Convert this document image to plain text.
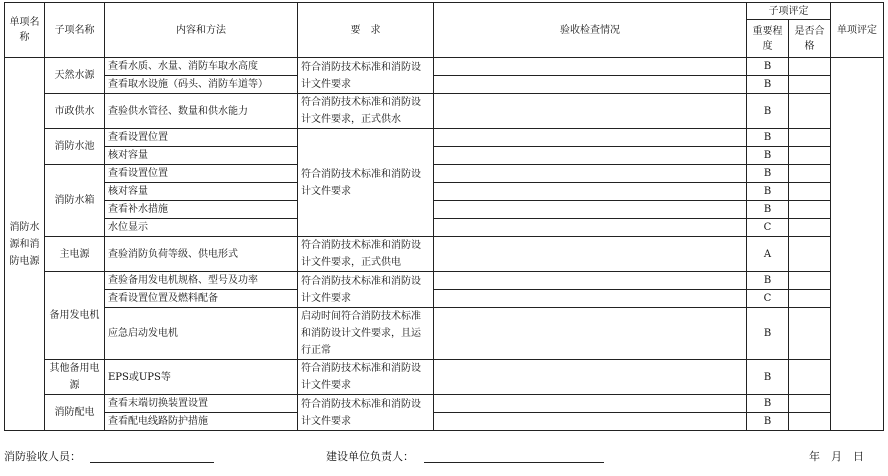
单项名称	子项名称	内容和方法	要　求	验收检查情况	子项评定		单项评定
					重要程度	是否合格	
消防水源和消防电源	天然水源	查看水质、水量、消防车取水高度	符合消防技术标准和消防设计文件要求		B		
		查看取水设施（码头、消防车道等）			B		
	市政供水	查验供水管径、数量和供水能力	符合消防技术标准和消防设计文件要求，正式供水		B		
	消防水池	查看设置位置	符合消防技术标准和消防设计文件要求		B		
		核对容量			B		
	消防水箱	查看设置位置			B		
		核对容量			B		
		查看补水措施			B		
		水位显示			C		
	主电源	查验消防负荷等级、供电形式	符合消防技术标准和消防设计文件要求，正式供电		A		
	备用发电机	查验备用发电机规格、型号及功率	符合消防技术标准和消防设计文件要求		B		
		查看设置位置及燃料配备			C		
		应急启动发电机	启动时间符合消防技术标准和消防设计文件要求，且运行正常		B		
	其他备用电源	EPS或UPS等	符合消防技术标准和消防设计文件要求		B		
	消防配电	查看末端切换装置设置	符合消防技术标准和消防设计文件要求		B		
		查看配电线路防护措施			B		
消防验收人员：	建设单位负责人：	年　月　日
